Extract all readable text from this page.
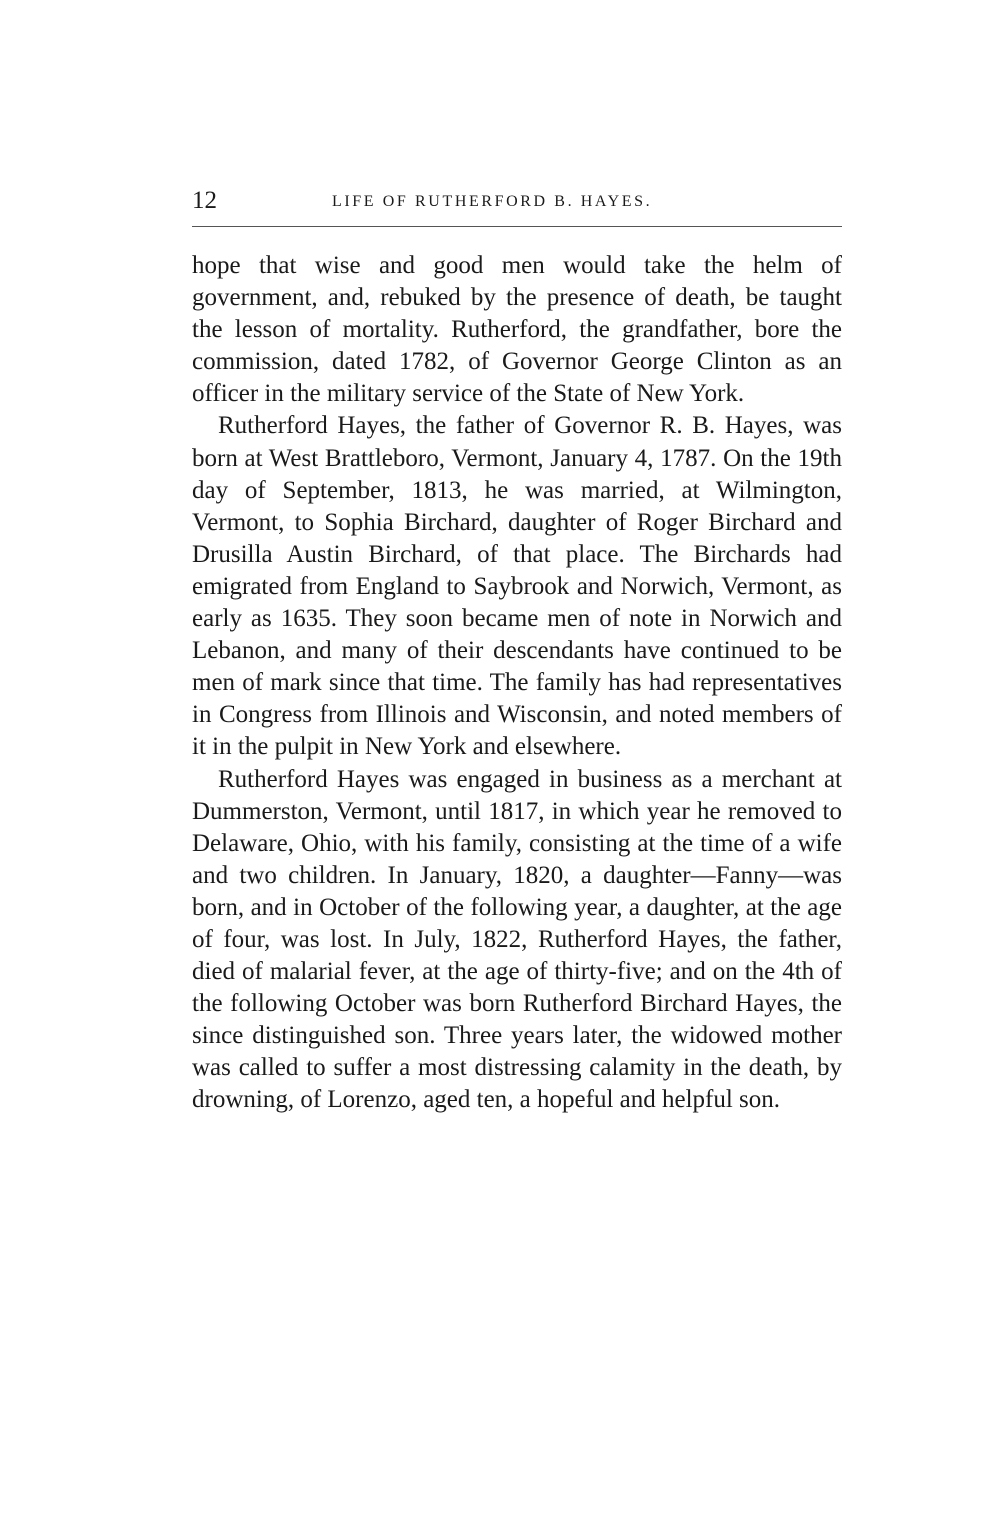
12	LIFE OF RUTHERFORD B. HAYES.

hope that wise and good men would take the helm of government, and, rebuked by the presence of death, be taught the lesson of mortality. Rutherford, the grandfather, bore the commission, dated 1782, of Governor George Clinton as an officer in the military service of the State of New York.

Rutherford Hayes, the father of Governor R. B. Hayes, was born at West Brattleboro, Vermont, January 4, 1787. On the 19th day of September, 1813, he was married, at Wilmington, Vermont, to Sophia Birchard, daughter of Roger Birchard and Drusilla Austin Birchard, of that place. The Birchards had emigrated from England to Saybrook and Norwich, Vermont, as early as 1635. They soon became men of note in Norwich and Lebanon, and many of their descendants have continued to be men of mark since that time. The family has had representatives in Congress from Illinois and Wisconsin, and noted members of it in the pulpit in New York and elsewhere.

Rutherford Hayes was engaged in business as a merchant at Dummerston, Vermont, until 1817, in which year he removed to Delaware, Ohio, with his family, consisting at the time of a wife and two children. In January, 1820, a daughter—Fanny—was born, and in October of the following year, a daughter, at the age of four, was lost. In July, 1822, Rutherford Hayes, the father, died of malarial fever, at the age of thirty-five; and on the 4th of the following October was born Rutherford Birchard Hayes, the since distinguished son. Three years later, the widowed mother was called to suffer a most distressing calamity in the death, by drowning, of Lorenzo, aged ten, a hopeful and helpful son.
